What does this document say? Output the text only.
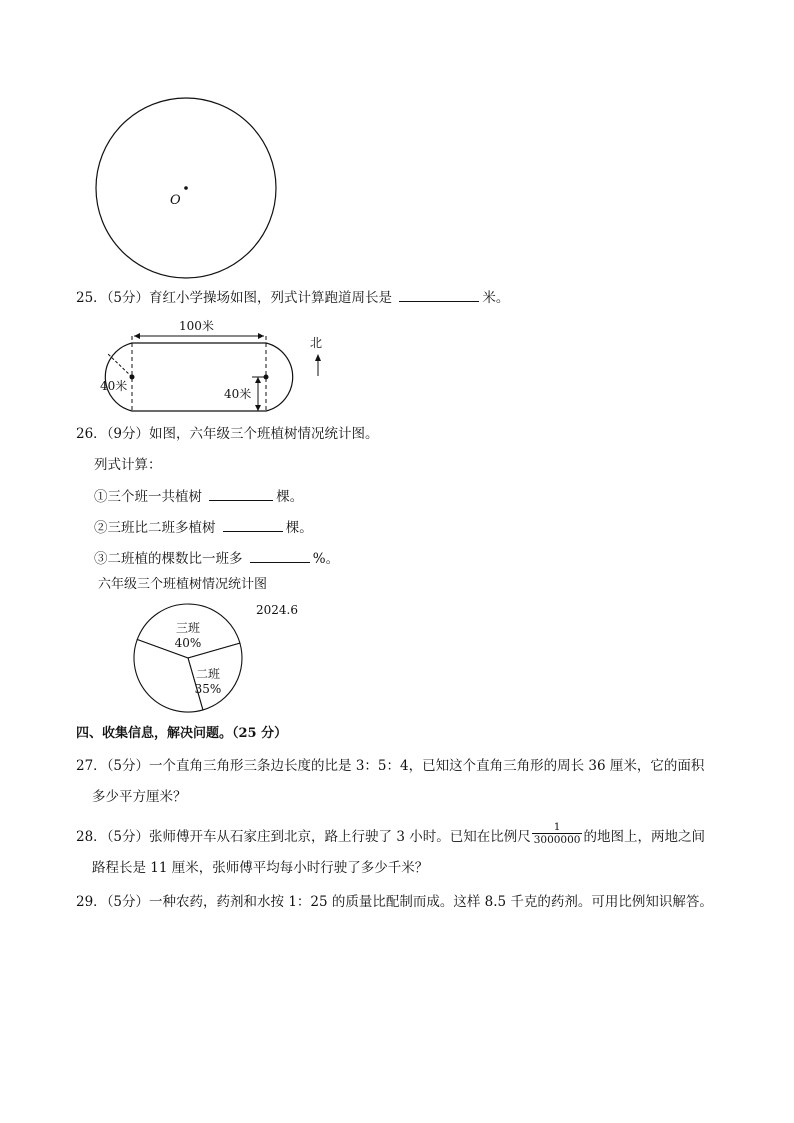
O
25．（5分）育红小学操场如图，列式计算跑道周长是	米。
100米
40米
40米
北
26．（9分）如图，六年级三个班植树情况统计图。
列式计算：
①三个班一共植树	棵。
②三班比二班多植树	棵。
③二班植的棵数比一班多	%。
六年级三个班植树情况统计图
2024.6
三班
40%
二班
35%
四、收集信息，解决问题。（25 分）
27．（5分）一个直角三角形三条边长度的比是 3：5：4，已知这个直角三角形的周长 36 厘米，它的面积
多少平方厘米？
28．（5分）张师傅开车从石家庄到北京，路上行驶了 3 小时。已知在比例尺 $\frac{1}{3000000}$ 的地图上，两地之间
路程长是 11 厘米，张师傅平均每小时行驶了多少千米？
29．（5分）一种农药，药剂和水按 1：25 的质量比配制而成。这样 8.5 千克的药剂。可用比例知识解答。
